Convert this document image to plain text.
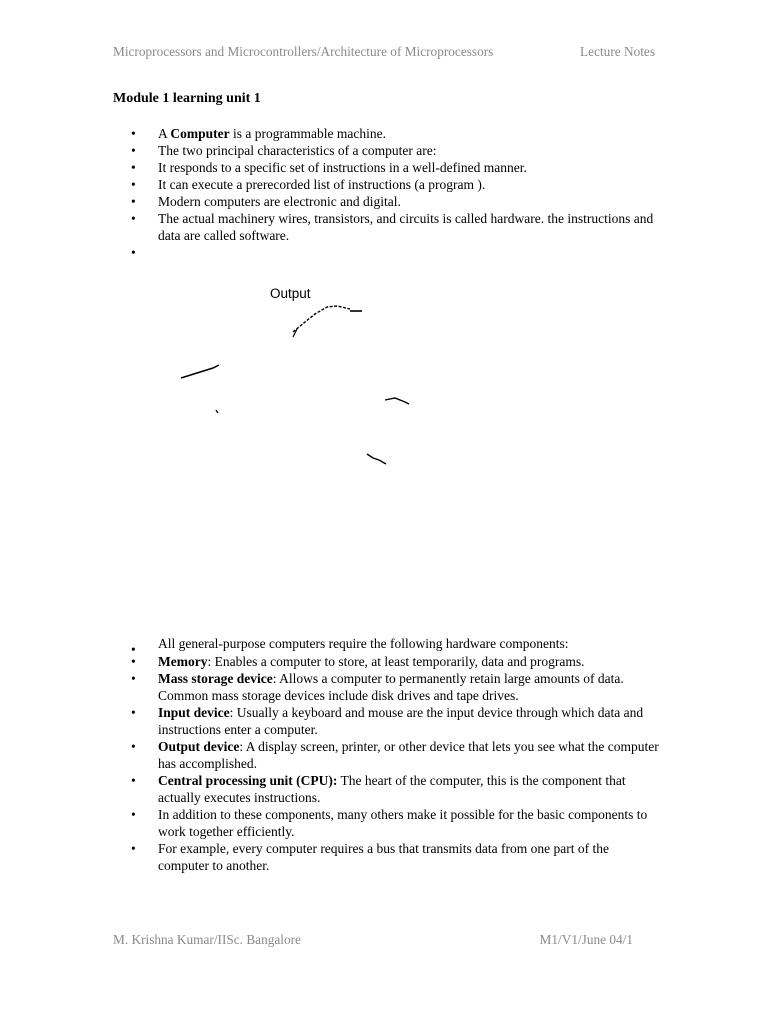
Microprocessors and Microcontrollers/Architecture of Microprocessors	Lecture Notes
Module 1 learning unit 1
• A Computer is a programmable machine.
• The two principal characteristics of a computer are:
• It responds to a specific set of instructions in a well-defined manner.
• It can execute a prerecorded list of instructions (a program ).
• Modern computers are electronic and digital.
• The actual machinery wires, transistors, and circuits is called hardware. the instructions and data are called software.
•
Output
• All general-purpose computers require the following hardware components:
• Memory: Enables a computer to store, at least temporarily, data and programs.
• Mass storage device: Allows a computer to permanently retain large amounts of data. Common mass storage devices include disk drives and tape drives.
• Input device: Usually a keyboard and mouse are the input device through which data and instructions enter a computer.
• Output device: A display screen, printer, or other device that lets you see what the computer has accomplished.
• Central processing unit (CPU): The heart of the computer, this is the component that actually executes instructions.
• In addition to these components, many others make it possible for the basic components to work together efficiently.
• For example, every computer requires a bus that transmits data from one part of the computer to another.
M. Krishna Kumar/IISc. Bangalore	M1/V1/June 04/1
